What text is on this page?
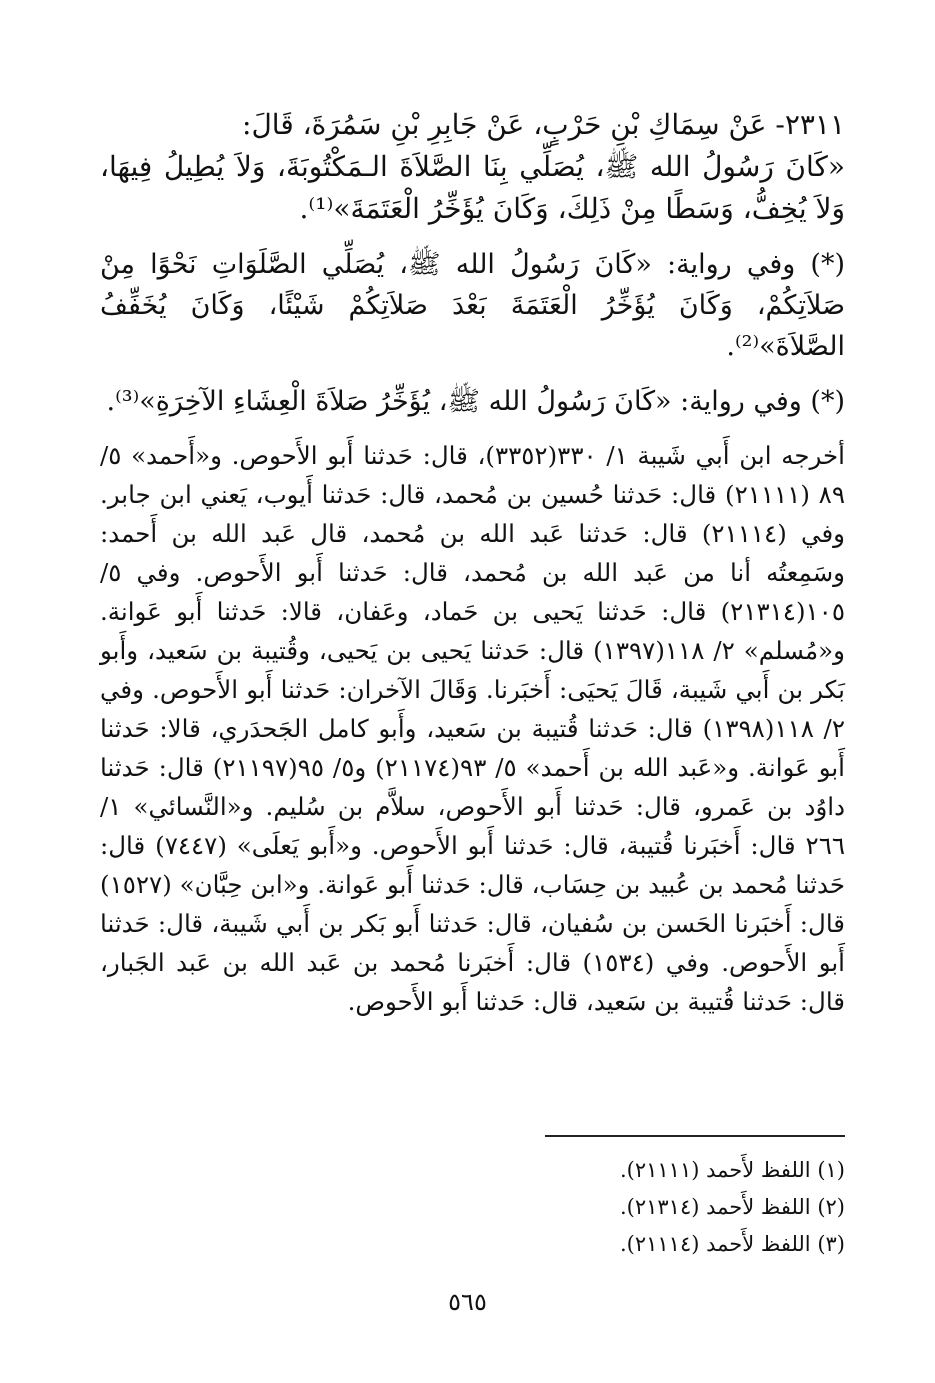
٢٣١١- عَنْ سِمَاكِ بْنِ حَرْبٍ، عَنْ جَابِرِ بْنِ سَمُرَةَ، قَالَ:
«كَانَ رَسُولُ الله ﷺ، يُصَلِّي بِنَا الصَّلاَةَ الـمَكْتُوبَةَ، وَلاَ يُطِيلُ فِيهَا، وَلاَ يُخِفُّ، وَسَطًا مِنْ ذَلِكَ، وَكَانَ يُؤَخِّرُ الْعَتَمَةَ»⁽¹⁾.

(*) وفي رواية: «كَانَ رَسُولُ الله ﷺ، يُصَلِّي الصَّلَوَاتِ نَحْوًا مِنْ صَلاَتِكُمْ، وَكَانَ يُؤَخِّرُ الْعَتَمَةَ بَعْدَ صَلاَتِكُمْ شَيْئًا، وَكَانَ يُخَفِّفُ الصَّلاَةَ»⁽²⁾.

(*) وفي رواية: «كَانَ رَسُولُ الله ﷺ، يُؤَخِّرُ صَلاَةَ الْعِشَاءِ الآخِرَةِ»⁽³⁾.

أخرجه ابن أَبي شَيبة ١/ ٣٣٠(٣٣٥٢)، قال: حَدثنا أَبو الأَحوص. و«أَحمد» ٥/ ٨٩ (٢١١١١) قال: حَدثنا حُسين بن مُحمد، قال: حَدثنا أَيوب، يَعني ابن جابر. وفي (٢١١١٤) قال: حَدثنا عَبد الله بن مُحمد، قال عَبد الله بن أَحمد: وسَمِعتُه أنا من عَبد الله بن مُحمد، قال: حَدثنا أَبو الأَحوص. وفي ٥/ ١٠٥(٢١٣١٤) قال: حَدثنا يَحيى بن حَماد، وعَفان، قالا: حَدثنا أَبو عَوانة. و«مُسلم» ٢/ ١١٨(١٣٩٧) قال: حَدثنا يَحيى بن يَحيى، وقُتيبة بن سَعيد، وأَبو بَكر بن أَبي شَيبة، قَالَ يَحيَى: أَخبَرنا. وَقَالَ الآخران: حَدثنا أَبو الأَحوص. وفي ٢/ ١١٨(١٣٩٨) قال: حَدثنا قُتيبة بن سَعيد، وأَبو كامل الجَحدَري، قالا: حَدثنا أَبو عَوانة. و«عَبد الله بن أَحمد» ٥/ ٩٣(٢١١٧٤) و٥/ ٩٥(٢١١٩٧) قال: حَدثنا داوُد بن عَمرو، قال: حَدثنا أَبو الأَحوص، سلاَّم بن سُليم. و«النَّسائي» ١/ ٢٦٦ قال: أَخبَرنا قُتيبة، قال: حَدثنا أَبو الأَحوص. و«أَبو يَعلَى» (٧٤٤٧) قال: حَدثنا مُحمد بن عُبيد بن حِسَاب، قال: حَدثنا أَبو عَوانة. و«ابن حِبَّان» (١٥٢٧) قال: أَخبَرنا الحَسن بن سُفيان، قال: حَدثنا أَبو بَكر بن أَبي شَيبة، قال: حَدثنا أَبو الأَحوص. وفي (١٥٣٤) قال: أَخبَرنا مُحمد بن عَبد الله بن عَبد الجَبار، قال: حَدثنا قُتيبة بن سَعيد، قال: حَدثنا أَبو الأَحوص.

(١) اللفظ لأَحمد (٢١١١١).
(٢) اللفظ لأَحمد (٢١٣١٤).
(٣) اللفظ لأَحمد (٢١١١٤).
٥٦٥
